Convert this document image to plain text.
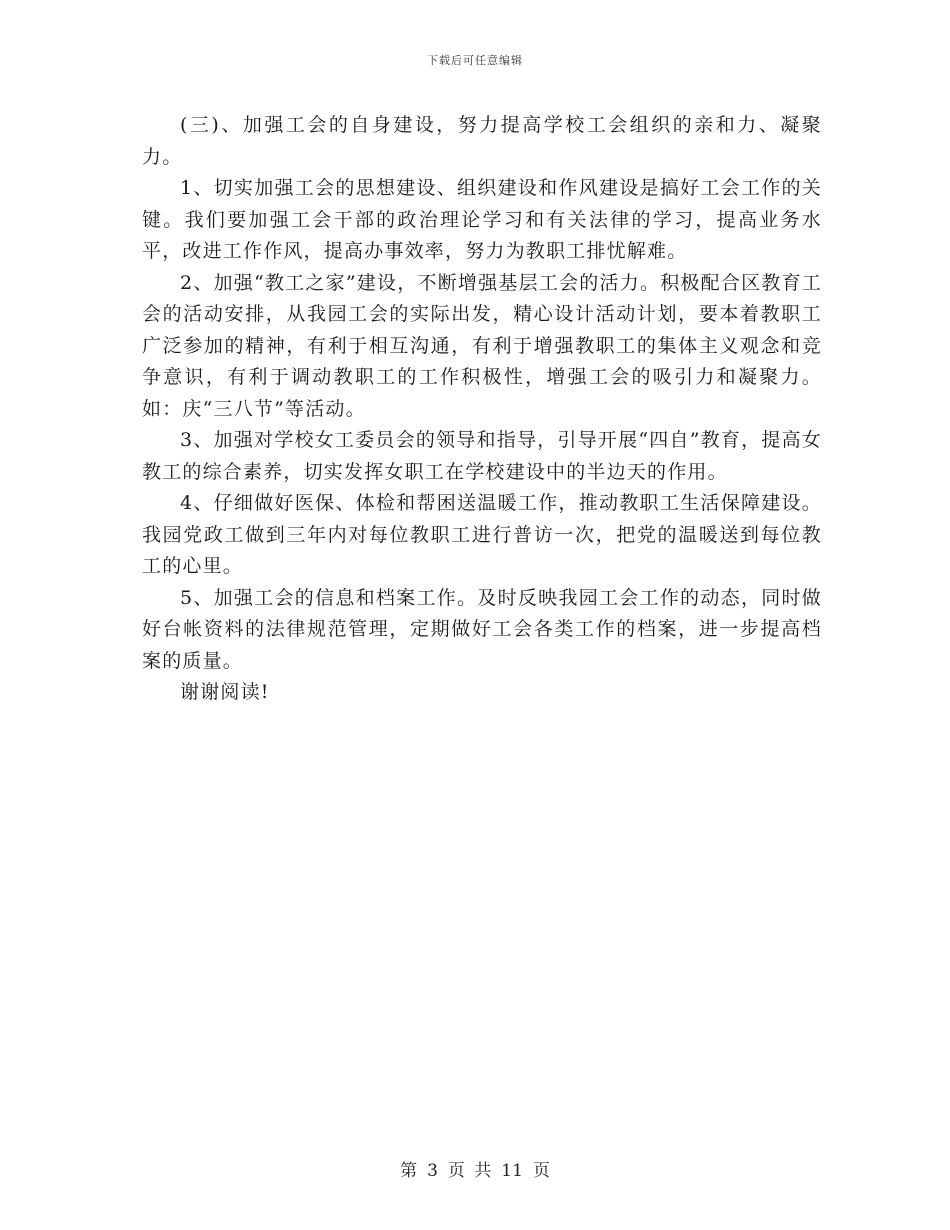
下载后可任意编辑

(三)、加强工会的自身建设，努力提高学校工会组织的亲和力、凝聚力。

1、切实加强工会的思想建设、组织建设和作风建设是搞好工会工作的关键。我们要加强工会干部的政治理论学习和有关法律的学习，提高业务水平，改进工作作风，提高办事效率，努力为教职工排忧解难。

2、加强“教工之家”建设，不断增强基层工会的活力。积极配合区教育工会的活动安排，从我园工会的实际出发，精心设计活动计划，要本着教职工广泛参加的精神，有利于相互沟通，有利于增强教职工的集体主义观念和竞争意识，有利于调动教职工的工作积极性，增强工会的吸引力和凝聚力。如：庆“三八节”等活动。

3、加强对学校女工委员会的领导和指导，引导开展“四自”教育，提高女教工的综合素养，切实发挥女职工在学校建设中的半边天的作用。

4、仔细做好医保、体检和帮困送温暖工作，推动教职工生活保障建设。我园党政工做到三年内对每位教职工进行普访一次，把党的温暖送到每位教工的心里。

5、加强工会的信息和档案工作。及时反映我园工会工作的动态，同时做好台帐资料的法律规范管理，定期做好工会各类工作的档案，进一步提高档案的质量。

谢谢阅读!

第 3 页 共 11 页
